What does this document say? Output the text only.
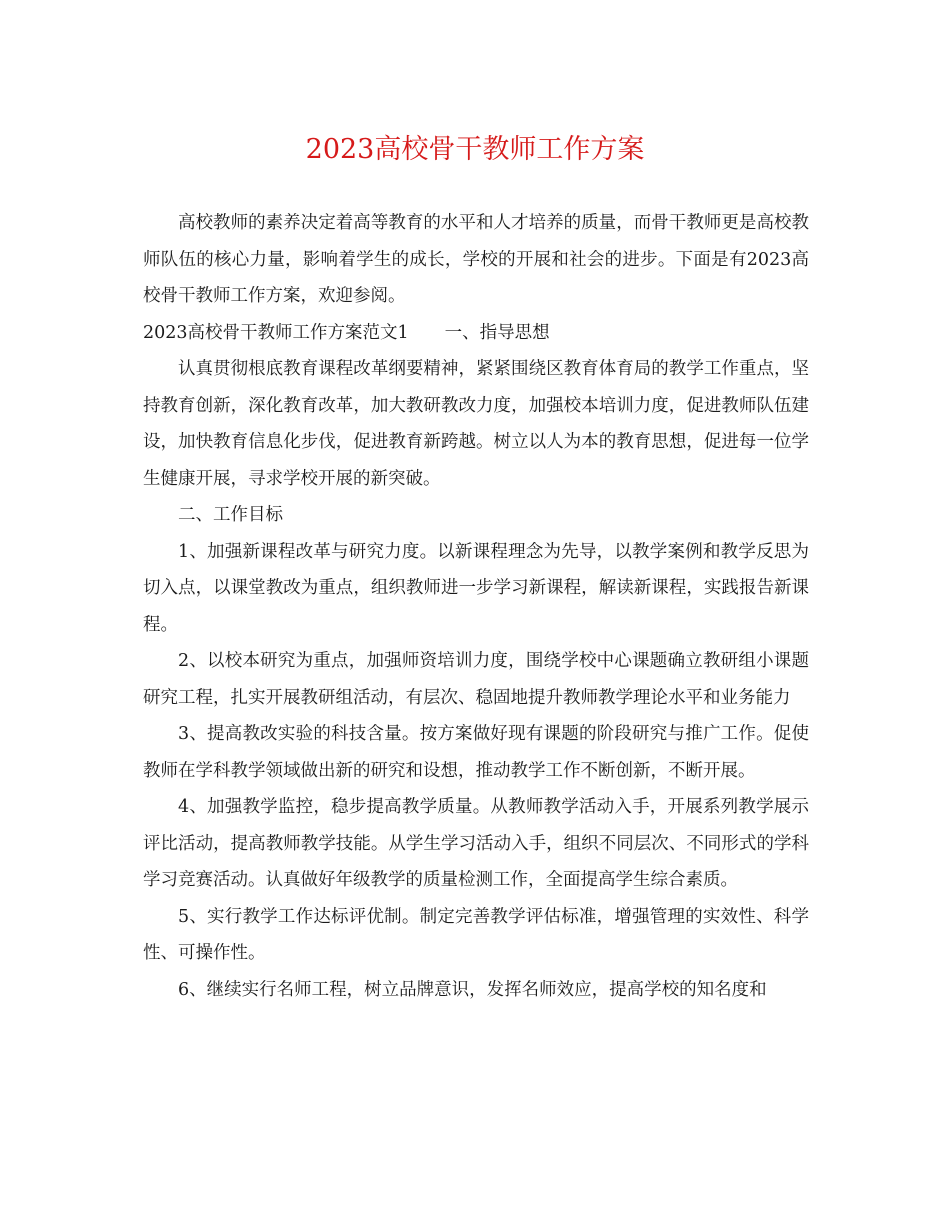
2023高校骨干教师工作方案

高校教师的素养决定着高等教育的水平和人才培养的质量，而骨干教师更是高校教师队伍的核心力量，影响着学生的成长，学校的开展和社会的进步。下面是有2023高校骨干教师工作方案，欢迎参阅。

2023高校骨干教师工作方案范文1 一、指导思想

认真贯彻根底教育课程改革纲要精神，紧紧围绕区教育体育局的教学工作重点，坚持教育创新，深化教育改革，加大教研教改力度，加强校本培训力度，促进教师队伍建设，加快教育信息化步伐，促进教育新跨越。树立以人为本的教育思想，促进每一位学生健康开展，寻求学校开展的新突破。

二、工作目标

1、加强新课程改革与研究力度。以新课程理念为先导，以教学案例和教学反思为切入点，以课堂教改为重点，组织教师进一步学习新课程，解读新课程，实践报告新课程。

2、以校本研究为重点，加强师资培训力度，围绕学校中心课题确立教研组小课题研究工程，扎实开展教研组活动，有层次、稳固地提升教师教学理论水平和业务能力

3、提高教改实验的科技含量。按方案做好现有课题的阶段研究与推广工作。促使教师在学科教学领域做出新的研究和设想，推动教学工作不断创新，不断开展。

4、加强教学监控，稳步提高教学质量。从教师教学活动入手，开展系列教学展示评比活动，提高教师教学技能。从学生学习活动入手，组织不同层次、不同形式的学科学习竞赛活动。认真做好年级教学的质量检测工作，全面提高学生综合素质。

5、实行教学工作达标评优制。制定完善教学评估标准，增强管理的实效性、科学性、可操作性。

6、继续实行名师工程，树立品牌意识，发挥名师效应，提高学校的知名度和
